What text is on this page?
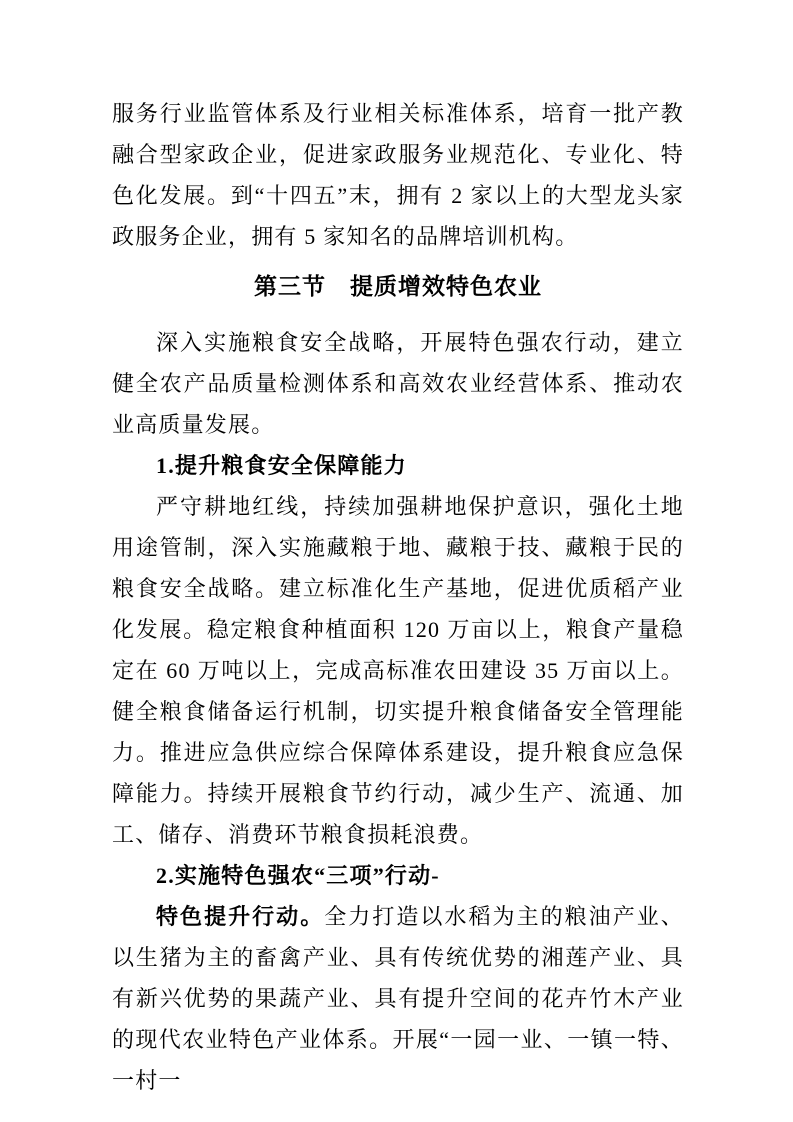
服务行业监管体系及行业相关标准体系，培育一批产教融合型家政企业，促进家政服务业规范化、专业化、特色化发展。到“十四五”末，拥有 2 家以上的大型龙头家政服务企业，拥有 5 家知名的品牌培训机构。

第三节　提质增效特色农业

深入实施粮食安全战略，开展特色强农行动，建立健全农产品质量检测体系和高效农业经营体系、推动农业高质量发展。

1.提升粮食安全保障能力

严守耕地红线，持续加强耕地保护意识，强化土地用途管制，深入实施藏粮于地、藏粮于技、藏粮于民的粮食安全战略。建立标准化生产基地，促进优质稻产业化发展。稳定粮食种植面积 120 万亩以上，粮食产量稳定在 60 万吨以上，完成高标准农田建设 35 万亩以上。健全粮食储备运行机制，切实提升粮食储备安全管理能力。推进应急供应综合保障体系建设，提升粮食应急保障能力。持续开展粮食节约行动，减少生产、流通、加工、储存、消费环节粮食损耗浪费。

2.实施特色强农“三项”行动-

特色提升行动。全力打造以水稻为主的粮油产业、以生猪为主的畜禽产业、具有传统优势的湘莲产业、具有新兴优势的果蔬产业、具有提升空间的花卉竹木产业的现代农业特色产业体系。开展“一园一业、一镇一特、一村一
